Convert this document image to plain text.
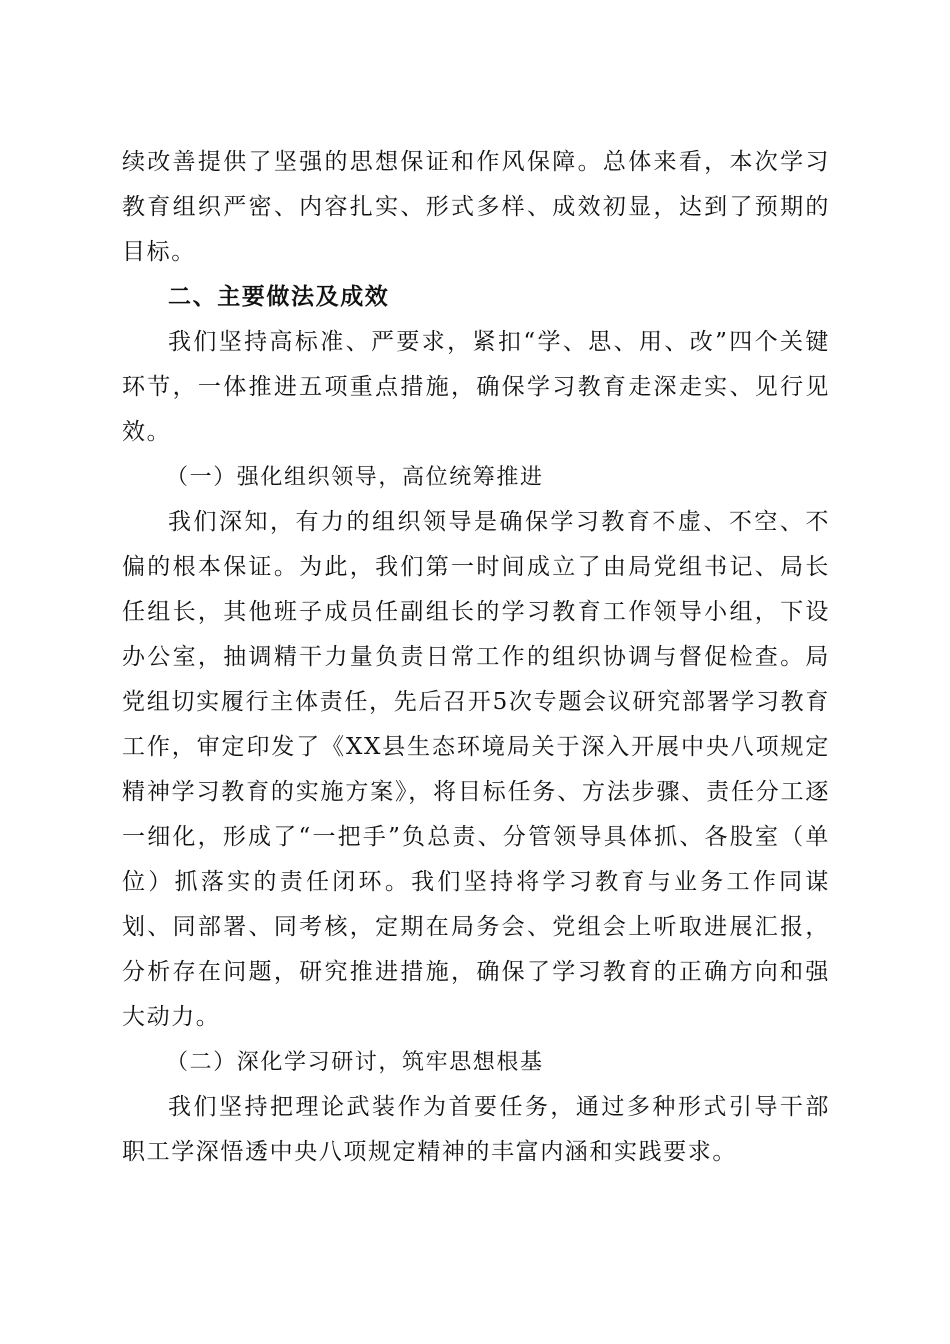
续改善提供了坚强的思想保证和作风保障。总体来看，本次学习教育组织严密、内容扎实、形式多样、成效初显，达到了预期的目标。

二、主要做法及成效

我们坚持高标准、严要求，紧扣“学、思、用、改”四个关键环节，一体推进五项重点措施，确保学习教育走深走实、见行见效。

（一）强化组织领导，高位统筹推进

我们深知，有力的组织领导是确保学习教育不虚、不空、不偏的根本保证。为此，我们第一时间成立了由局党组书记、局长任组长，其他班子成员任副组长的学习教育工作领导小组，下设办公室，抽调精干力量负责日常工作的组织协调与督促检查。局党组切实履行主体责任，先后召开5次专题会议研究部署学习教育工作，审定印发了《XX县生态环境局关于深入开展中央八项规定精神学习教育的实施方案》，将目标任务、方法步骤、责任分工逐一细化，形成了“一把手”负总责、分管领导具体抓、各股室（单位）抓落实的责任闭环。我们坚持将学习教育与业务工作同谋划、同部署、同考核，定期在局务会、党组会上听取进展汇报，分析存在问题，研究推进措施，确保了学习教育的正确方向和强大动力。

（二）深化学习研讨，筑牢思想根基

我们坚持把理论武装作为首要任务，通过多种形式引导干部职工学深悟透中央八项规定精神的丰富内涵和实践要求。
